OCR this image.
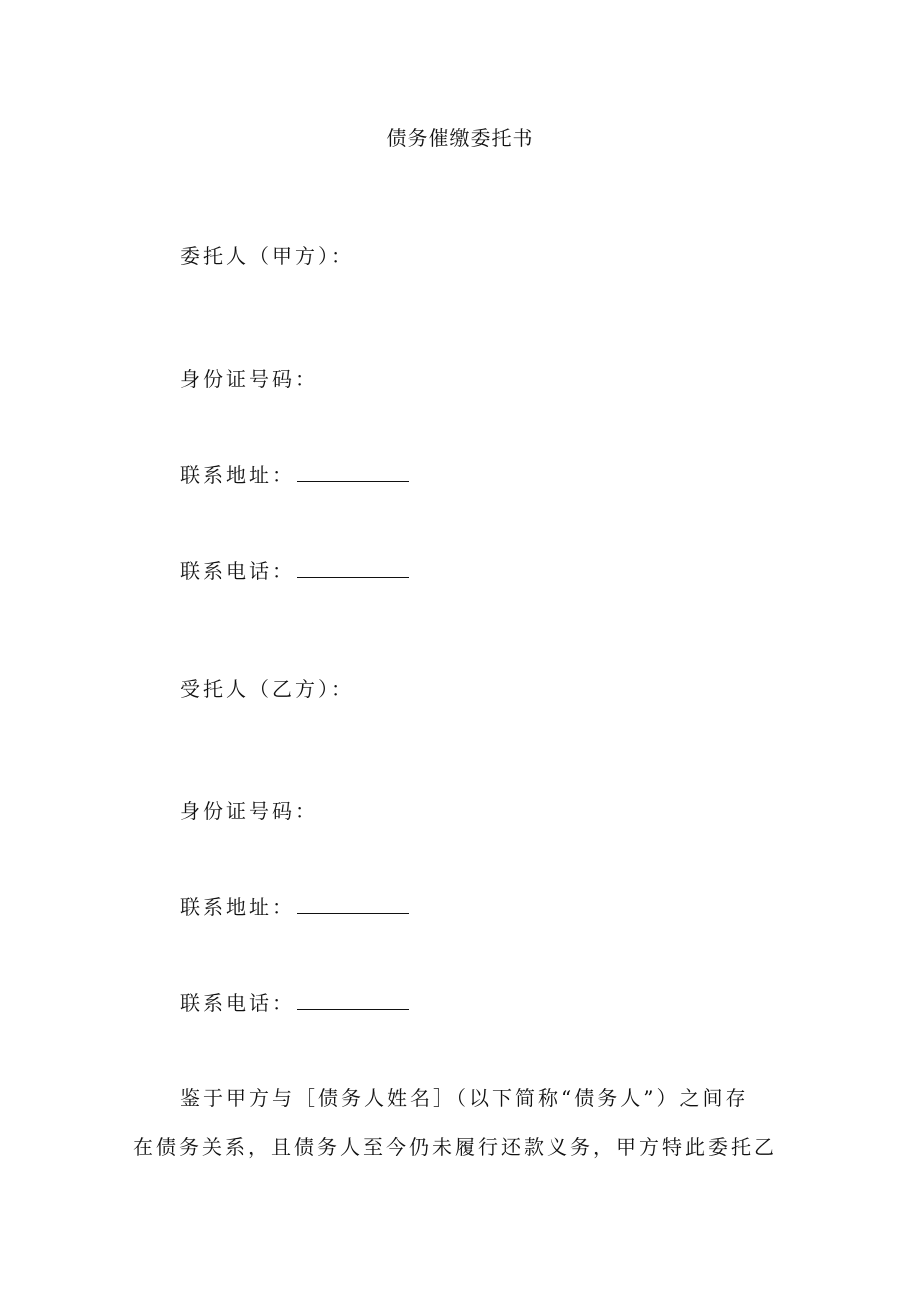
债务催缴委托书
委托人（甲方）：
身份证号码：
联系地址：
联系电话：
受托人（乙方）：
身份证号码：
联系地址：
联系电话：
鉴于甲方与［债务人姓名］（以下简称“债务人”）之间存
在债务关系，且债务人至今仍未履行还款义务，甲方特此委托乙
